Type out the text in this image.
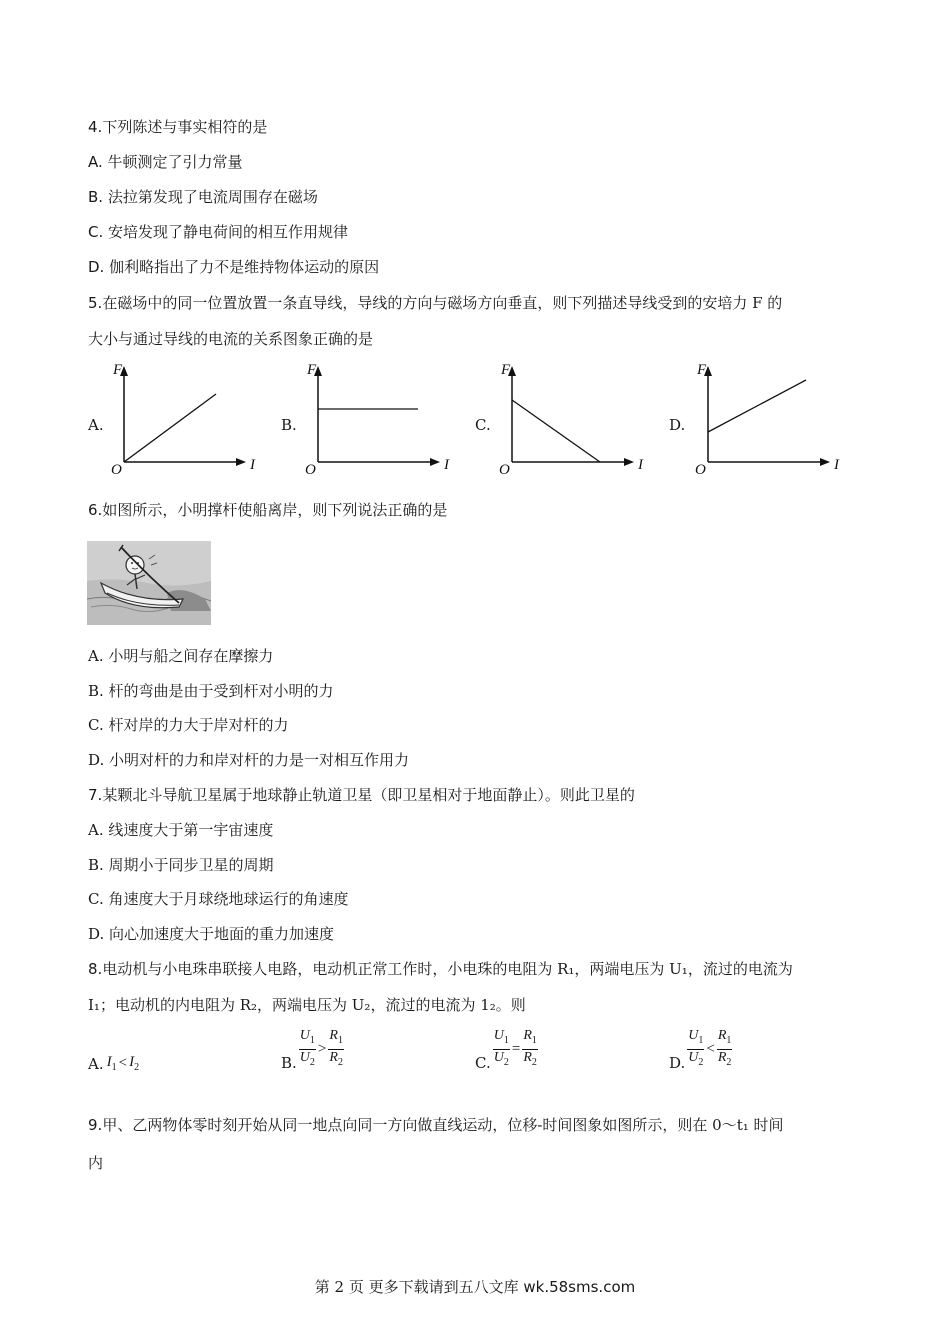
4.下列陈述与事实相符的是
A. 牛顿测定了引力常量
B. 法拉第发现了电流周围存在磁场
C. 安培发现了静电荷间的相互作用规律
D. 伽利略指出了力不是维持物体运动的原因
5.在磁场中的同一位置放置一条直导线，导线的方向与磁场方向垂直，则下列描述导线受到的安培力 F 的
大小与通过导线的电流的关系图象正确的是
A.
F
I
O
B.
F
I
O
C.
F
I
O
D.
F
I
O
6.如图所示，小明撑杆使船离岸，则下列说法正确的是
A. 小明与船之间存在摩擦力
B. 杆的弯曲是由于受到杆对小明的力
C. 杆对岸的力大于岸对杆的力
D. 小明对杆的力和岸对杆的力是一对相互作用力
7.某颗北斗导航卫星属于地球静止轨道卫星（即卫星相对于地面静止）。则此卫星的
A. 线速度大于第一宇宙速度
B. 周期小于同步卫星的周期
C. 角速度大于月球绕地球运行的角速度
D. 向心加速度大于地面的重力加速度
8.电动机与小电珠串联接人电路，电动机正常工作时，小电珠的电阻为 R₁，两端电压为 U₁，流过的电流为
I₁；电动机的内电阻为 R₂，两端电压为 U₂，流过的电流为 1₂。则
A. $I_1 < I_2$	B. $\frac{U_1}{U_2} > \frac{R_1}{R_2}$	C. $\frac{U_1}{U_2} = \frac{R_1}{R_2}$	D. $\frac{U_1}{U_2} < \frac{R_1}{R_2}$
9.甲、乙两物体零时刻开始从同一地点向同一方向做直线运动，位移-时间图象如图所示，则在 0～t₁ 时间
内
第 2 页 更多下载请到五八文库 wk.58sms.com
